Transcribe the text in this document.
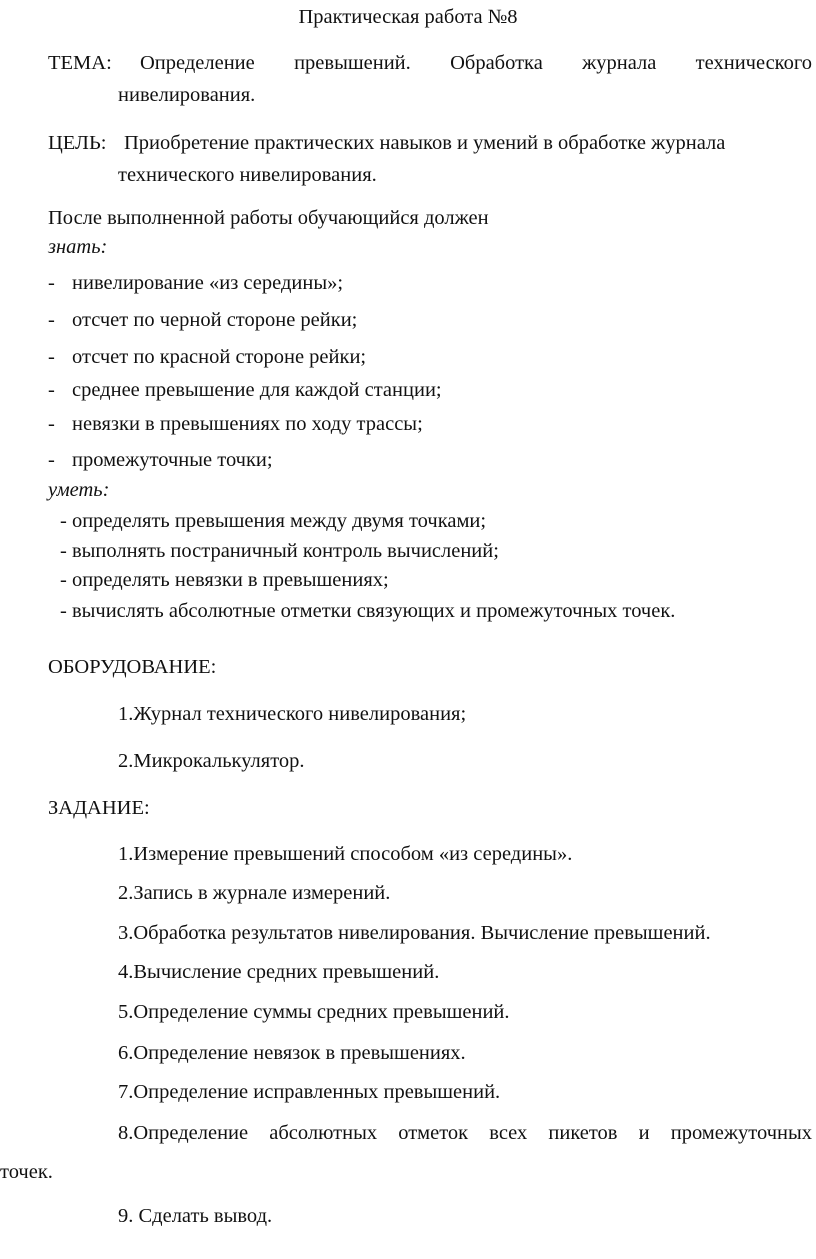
Практическая работа №8
ТЕМА: Определение превышений. Обработка журнала технического
нивелирования.
ЦЕЛЬ: Приобретение практических навыков и умений в обработке журнала
технического нивелирования.
После выполненной работы обучающийся должен
знать:
- нивелирование «из середины»;
- отсчет по черной стороне рейки;
- отсчет по красной стороне рейки;
- среднее превышение для каждой станции;
- невязки в превышениях по ходу трассы;
- промежуточные точки;
уметь:
- определять превышения между двумя точками;
- выполнять постраничный контроль вычислений;
- определять невязки в превышениях;
- вычислять абсолютные отметки связующих и промежуточных точек.
ОБОРУДОВАНИЕ:
1.Журнал технического нивелирования;
2.Микрокалькулятор.
ЗАДАНИЕ:
1.Измерение превышений способом «из середины».
2.Запись в журнале измерений.
3.Обработка результатов нивелирования. Вычисление превышений.
4.Вычисление средних превышений.
5.Определение суммы средних превышений.
6.Определение невязок в превышениях.
7.Определение исправленных превышений.
8.Определение абсолютных отметок всех пикетов и промежуточных
точек.
9. Сделать вывод.
